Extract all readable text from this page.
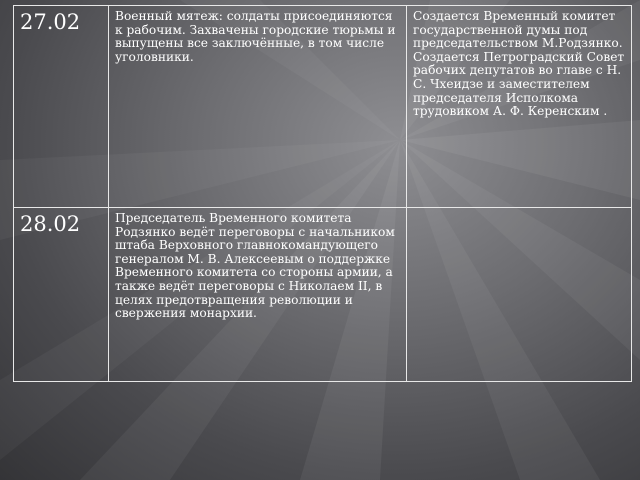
27.02	Военный мятеж: солдаты присоединяются к рабочим. Захвачены городские тюрьмы и выпущены все заключённые, в том числе уголовники.	Создается Временный комитет государственной думы под председательством М.Родзянко. Создается Петроградский Совет рабочих депутатов во главе с Н. С. Чхеидзе и заместителем председателя Исполкома трудовиком А. Ф. Керенским .
28.02	Председатель Временного комитета Родзянко ведёт переговоры с начальником штаба Верховного главнокомандующего генералом М. В. Алексеевым о поддержке Временного комитета со стороны армии, а также ведёт переговоры с Николаем II, в целях предотвращения революции и свержения монархии.	
